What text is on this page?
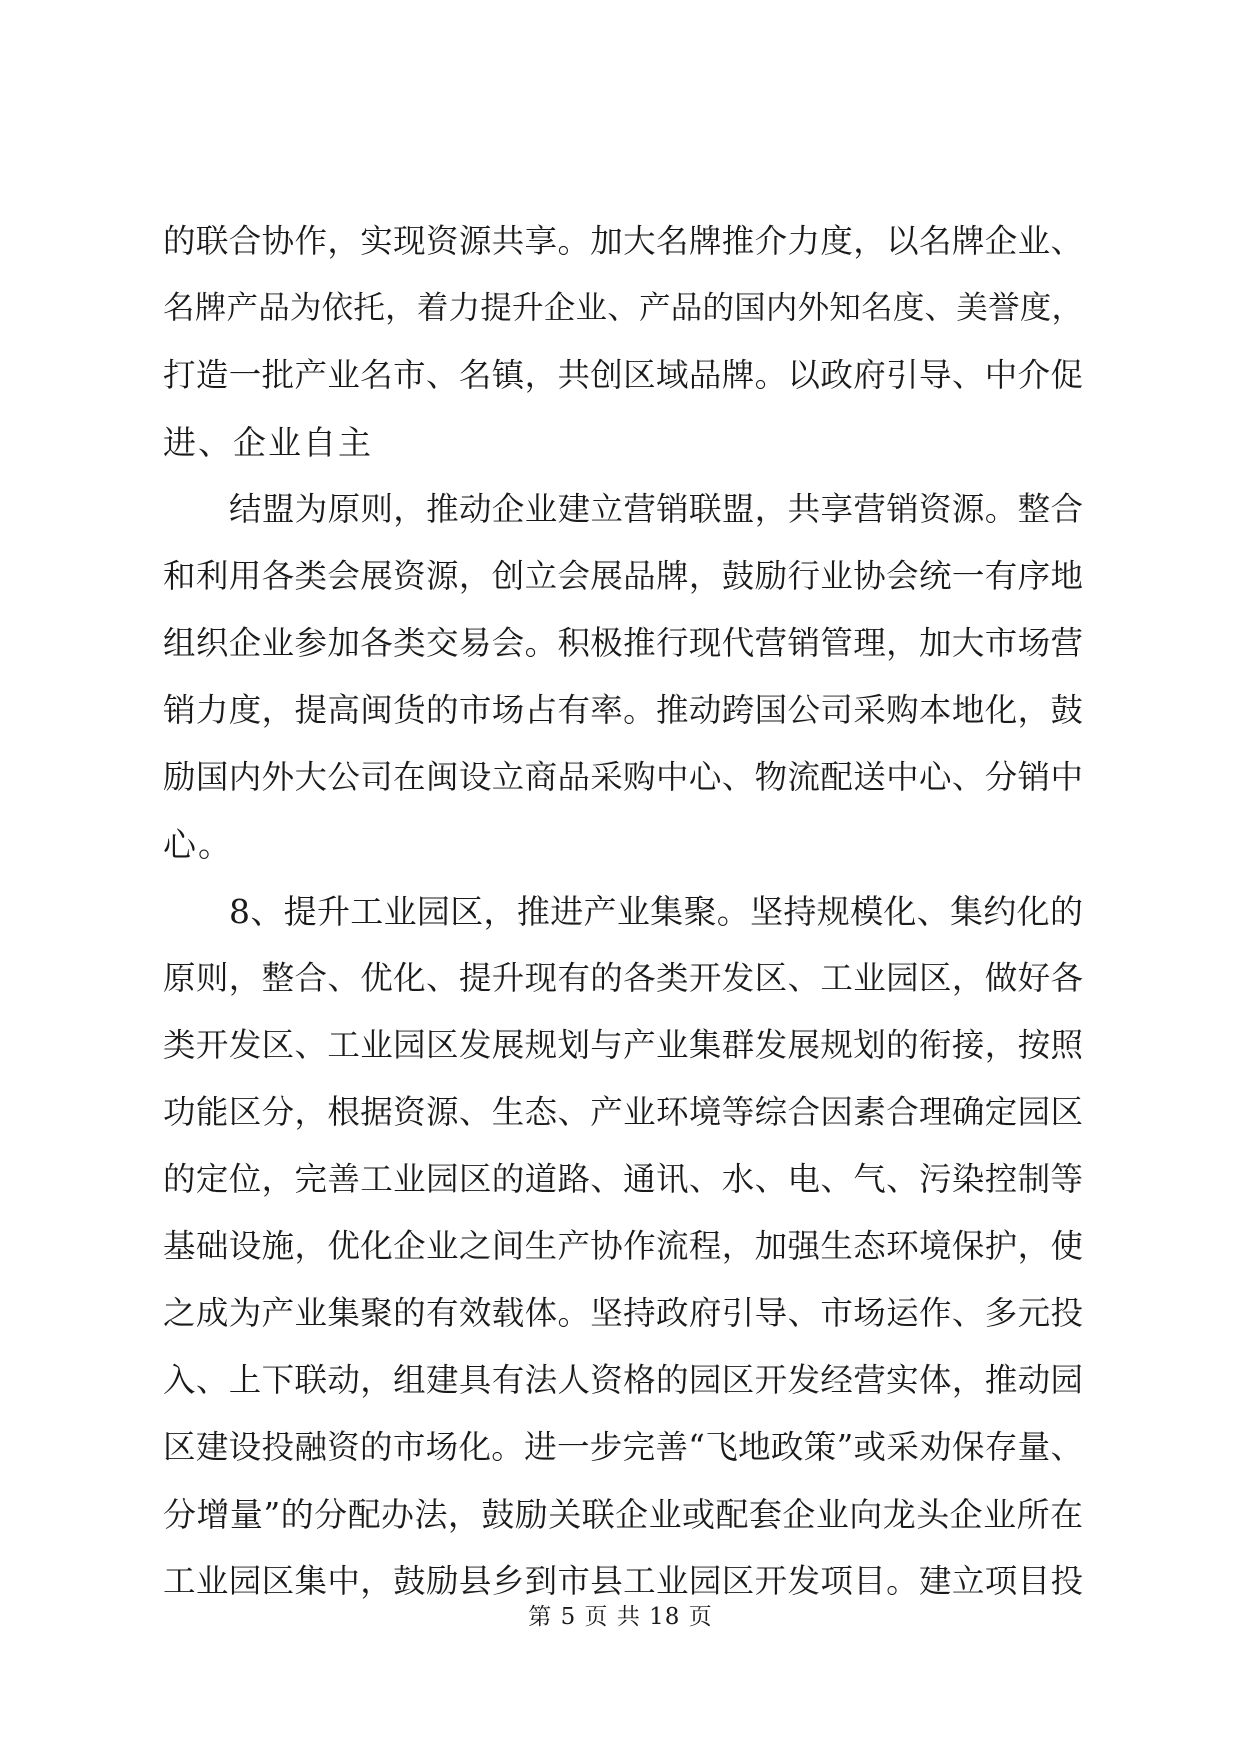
的联合协作，实现资源共享。加大名牌推介力度，以名牌企业、
名牌产品为依托，着力提升企业、产品的国内外知名度、美誉度，
打造一批产业名市、名镇，共创区域品牌。以政府引导、中介促
进、企业自主
结盟为原则，推动企业建立营销联盟，共享营销资源。整合
和利用各类会展资源，创立会展品牌，鼓励行业协会统一有序地
组织企业参加各类交易会。积极推行现代营销管理，加大市场营
销力度，提高闽货的市场占有率。推动跨国公司采购本地化，鼓
励国内外大公司在闽设立商品采购中心、物流配送中心、分销中
心。
8、提升工业园区，推进产业集聚。坚持规模化、集约化的
原则，整合、优化、提升现有的各类开发区、工业园区，做好各
类开发区、工业园区发展规划与产业集群发展规划的衔接，按照
功能区分，根据资源、生态、产业环境等综合因素合理确定园区
的定位，完善工业园区的道路、通讯、水、电、气、污染控制等
基础设施，优化企业之间生产协作流程，加强生态环境保护，使
之成为产业集聚的有效载体。坚持政府引导、市场运作、多元投
入、上下联动，组建具有法人资格的园区开发经营实体，推动园
区建设投融资的市场化。进一步完善“飞地政策”或采劝保存量、
分增量”的分配办法，鼓励关联企业或配套企业向龙头企业所在
工业园区集中，鼓励县乡到市县工业园区开发项目。建立项目投
第 5 页 共 18 页
